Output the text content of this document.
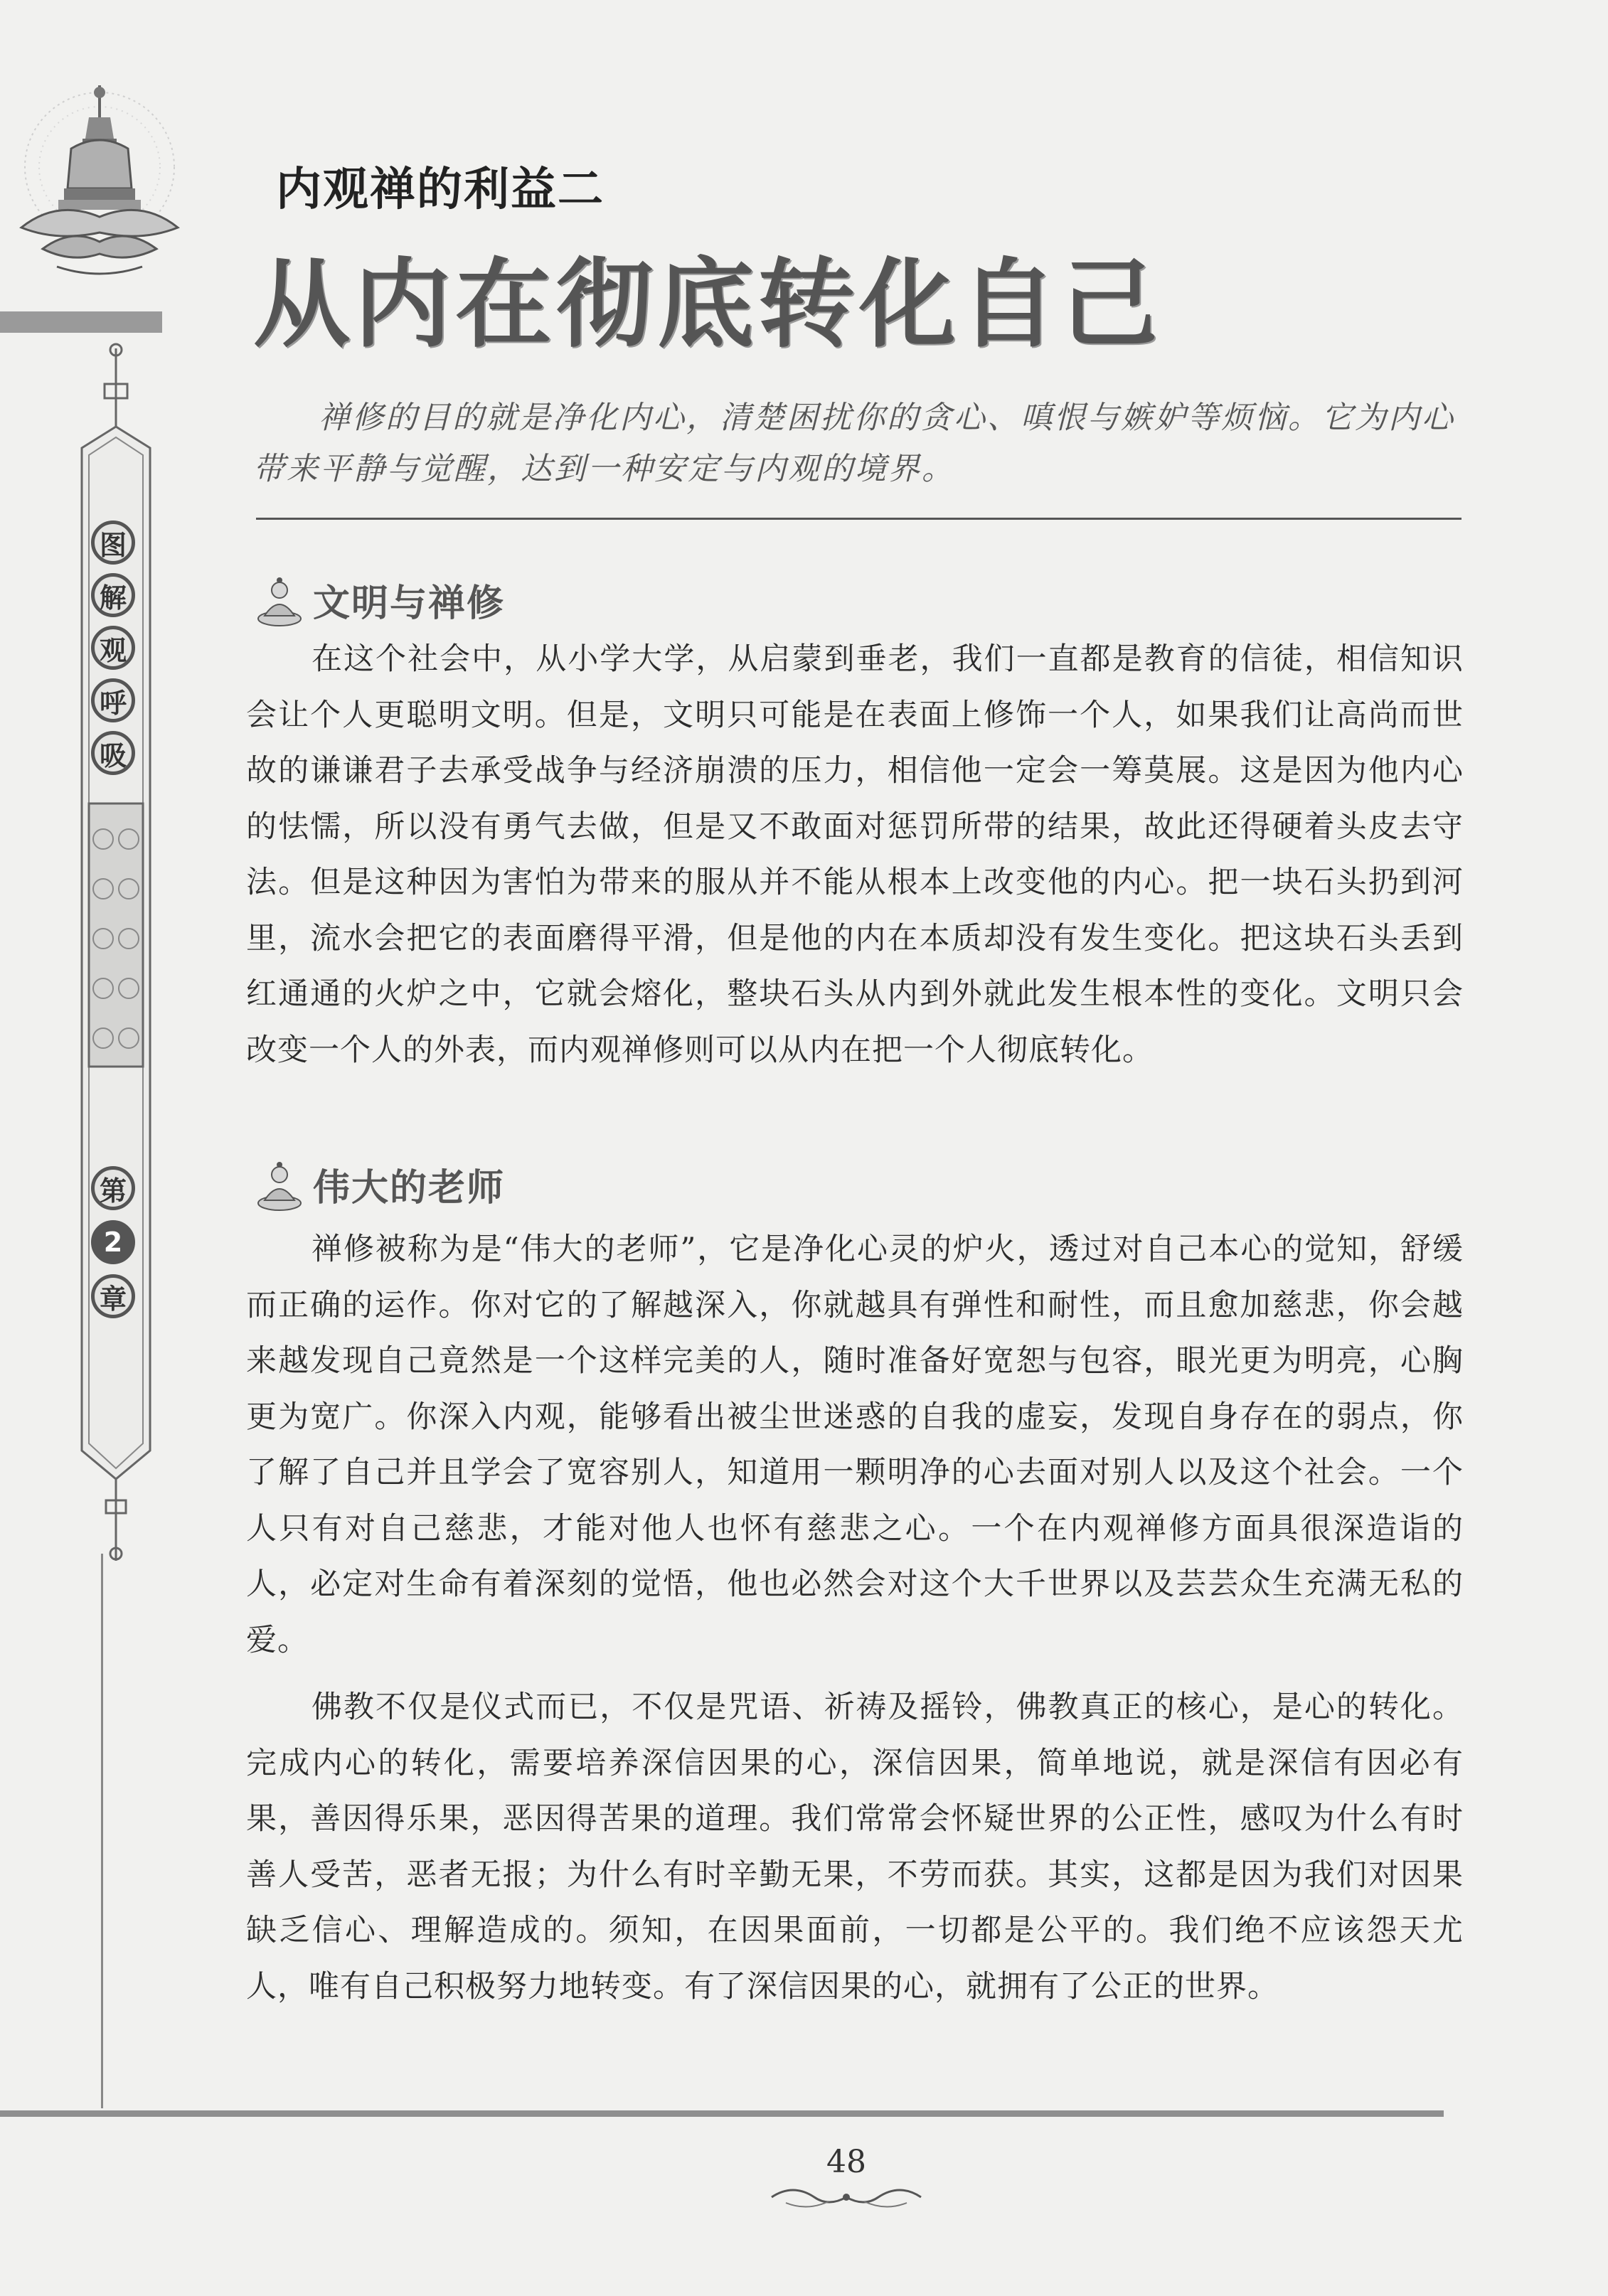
图
解
观
呼
吸
第
2
章
内观禅的利益二
从内在彻底转化自己
禅修的目的就是净化内心，清楚困扰你的贪心、嗔恨与嫉妒等烦恼。它为内心带来平静与觉醒，达到一种安定与内观的境界。
文明与禅修
在这个社会中，从小学大学，从启蒙到垂老，我们一直都是教育的信徒，相信知识会让个人更聪明文明。但是，文明只可能是在表面上修饰一个人，如果我们让高尚而世故的谦谦君子去承受战争与经济崩溃的压力，相信他一定会一筹莫展。这是因为他内心的怯懦，所以没有勇气去做，但是又不敢面对惩罚所带的结果，故此还得硬着头皮去守法。但是这种因为害怕为带来的服从并不能从根本上改变他的内心。把一块石头扔到河里，流水会把它的表面磨得平滑，但是他的内在本质却没有发生变化。把这块石头丢到红通通的火炉之中，它就会熔化，整块石头从内到外就此发生根本性的变化。文明只会改变一个人的外表，而内观禅修则可以从内在把一个人彻底转化。
伟大的老师
禅修被称为是“伟大的老师”，它是净化心灵的炉火，透过对自己本心的觉知，舒缓而正确的运作。你对它的了解越深入，你就越具有弹性和耐性，而且愈加慈悲，你会越来越发现自己竟然是一个这样完美的人，随时准备好宽恕与包容，眼光更为明亮，心胸更为宽广。你深入内观，能够看出被尘世迷惑的自我的虚妄，发现自身存在的弱点，你了解了自己并且学会了宽容别人，知道用一颗明净的心去面对别人以及这个社会。一个人只有对自己慈悲，才能对他人也怀有慈悲之心。一个在内观禅修方面具很深造诣的人，必定对生命有着深刻的觉悟，他也必然会对这个大千世界以及芸芸众生充满无私的爱。
佛教不仅是仪式而已，不仅是咒语、祈祷及摇铃，佛教真正的核心，是心的转化。完成内心的转化，需要培养深信因果的心，深信因果，简单地说，就是深信有因必有果，善因得乐果，恶因得苦果的道理。我们常常会怀疑世界的公正性，感叹为什么有时善人受苦，恶者无报；为什么有时辛勤无果，不劳而获。其实，这都是因为我们对因果缺乏信心、理解造成的。须知，在因果面前，一切都是公平的。我们绝不应该怨天尤人，唯有自己积极努力地转变。有了深信因果的心，就拥有了公正的世界。
48
